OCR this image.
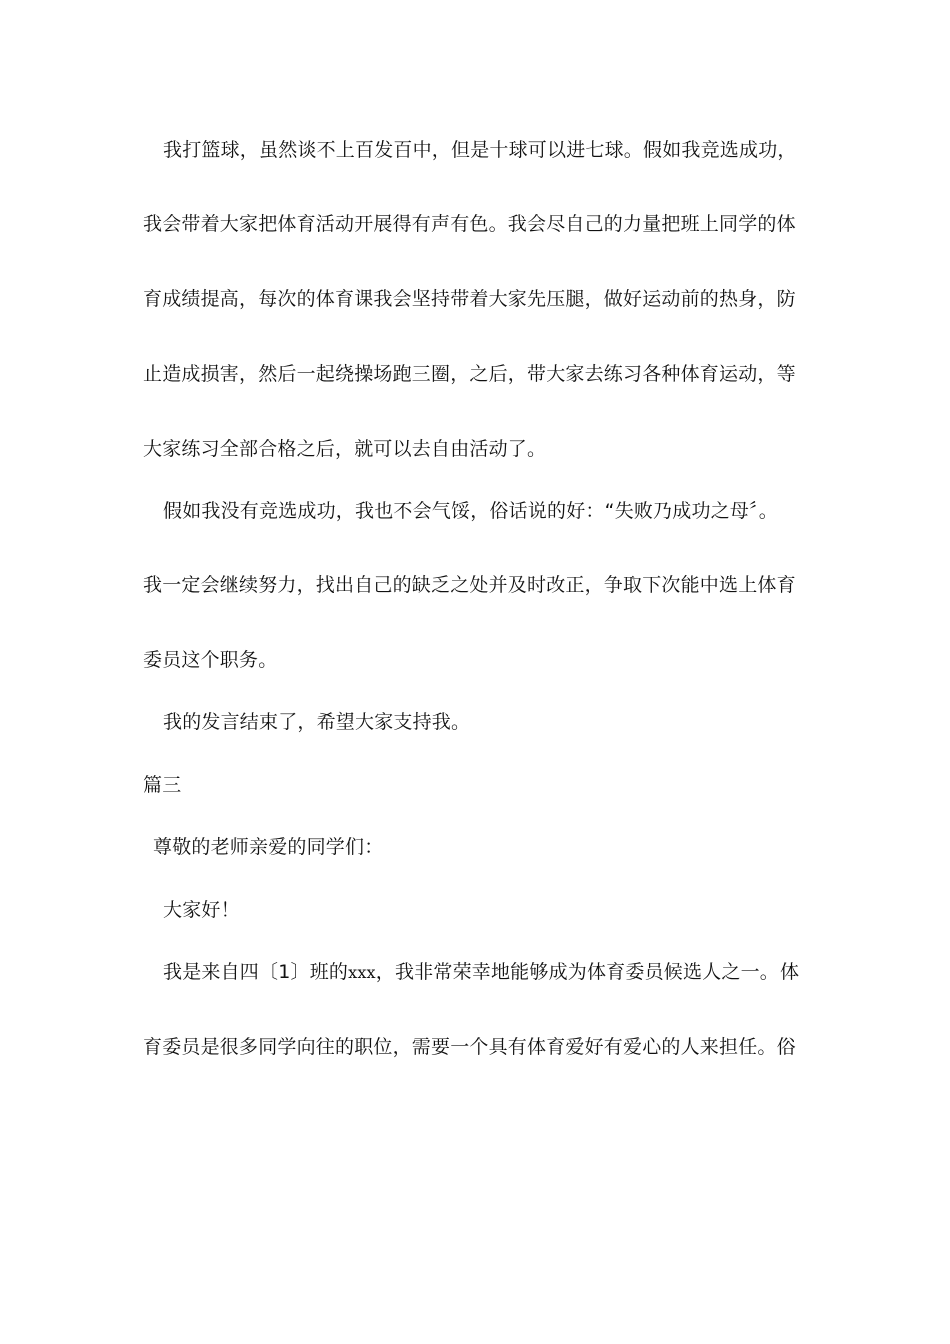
我打篮球，虽然谈不上百发百中，但是十球可以进七球。假如我竞选成功，
我会带着大家把体育活动开展得有声有色。我会尽自己的力量把班上同学的体
育成绩提高，每次的体育课我会坚持带着大家先压腿，做好运动前的热身，防
止造成损害，然后一起绕操场跑三圈，之后，带大家去练习各种体育运动，等
大家练习全部合格之后，就可以去自由活动了。
假如我没有竞选成功，我也不会气馁，俗话说的好：“失败乃成功之母〞。
我一定会继续努力，找出自己的缺乏之处并及时改正，争取下次能中选上体育
委员这个职务。
我的发言结束了，希望大家支持我。
篇三
尊敬的老师亲爱的同学们：
大家好！
我是来自四〔1〕班的xxx，我非常荣幸地能够成为体育委员候选人之一。 体
育委员是很多同学向往的职位，需要一个具有体育爱好有爱心的人来担任。俗
